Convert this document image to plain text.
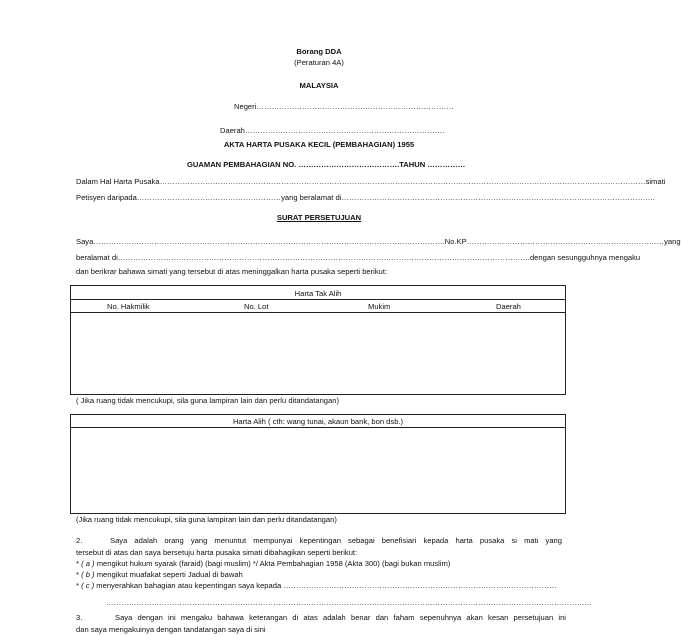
Borang DDA
(Peraturan 4A)
MALAYSIA
Negeri……………………………………………………………………
Daerah…………………………………………………………………….
AKTA HARTA PUSAKA KECIL (PEMBAHAGIAN) 1955
GUAMAN PEMBAHAGIAN NO. ………………………………….TAHUN ……………
Dalam Hal Harta Pusaka…………………………………………………………………………………………………………………………………………………………………………simati
Petisyen daripada…………………………………………………yang beralamat di…………………………………………………………………………………………………………….
SURAT PERSETUJUAN
Saya………………………………………………………………………………………………………………………….No.KP……………………………………………………………………yang
beralamat di……………………………………………………………………………………………………………………………………………….dengan sesungguhnya mengaku
dan berikrar bahawa simati yang tersebut di atas meninggalkan harta pusaka seperti berikut:
Harta Tak Alih
No. Hakmilik	No. Lot	Mukim	Daerah
( Jika ruang tidak mencukupi, sila guna lampiran lain dan perlu ditandatangan)
Harta Alih ( cth: wang tunai, akaun bank, bon dsb.)
(Jika ruang tidak mencukupi, sila guna lampiran lain dan perlu ditandatangan)
2.	Saya adalah orang yang menuntut mempunyai kepentingan sebagai benefisiari kepada harta pusaka si mati yang
tersebut di atas dan saya bersetuju harta pusaka simati dibahagikan seperti berikut:
* ( a ) mengikut hukum syarak (faraid) (bagi muslim) */ Akta Pembahagian 1958 (Akta 300) (bagi bukan muslim)
* ( b ) mengikut muafakat seperti Jadual di bawah
* ( c ) menyerahkan bahagian atau kepentingan saya kepada ………………………………………………………………………………………………
…………………………………………………………………………………………………………………………………………………………………………
3.	Saya dengan ini mengaku bahawa keterangan di atas adalah benar dan faham sepenuhnya akan kesan persetujuan ini
dan saya mengakuinya dengan tandatangan saya di sini
